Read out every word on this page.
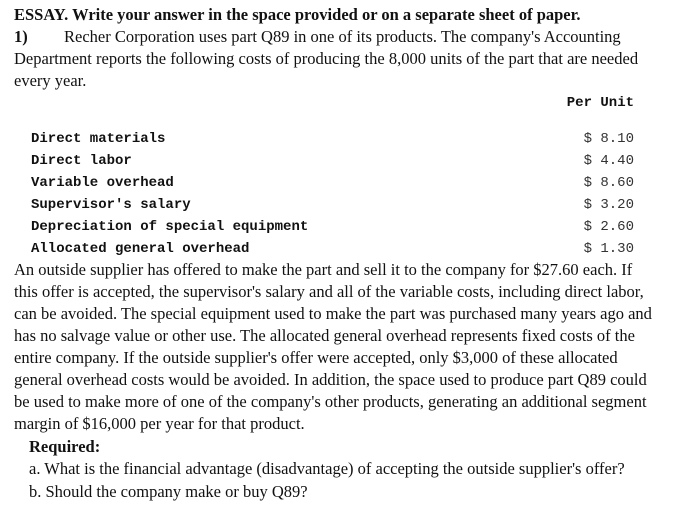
ESSAY. Write your answer in the space provided or on a separate sheet of paper.
1) Recher Corporation uses part Q89 in one of its products. The company's Accounting
Department reports the following costs of producing the 8,000 units of the part that are needed
every year.
Per Unit
Direct materials	$ 8.10
Direct labor	$ 4.40
Variable overhead	$ 8.60
Supervisor's salary	$ 3.20
Depreciation of special equipment	$ 2.60
Allocated general overhead	$ 1.30
An outside supplier has offered to make the part and sell it to the company for $27.60 each. If
this offer is accepted, the supervisor's salary and all of the variable costs, including direct labor,
can be avoided. The special equipment used to make the part was purchased many years ago and
has no salvage value or other use. The allocated general overhead represents fixed costs of the
entire company. If the outside supplier's offer were accepted, only $3,000 of these allocated
general overhead costs would be avoided. In addition, the space used to produce part Q89 could
be used to make more of one of the company's other products, generating an additional segment
margin of $16,000 per year for that product.
Required:
a. What is the financial advantage (disadvantage) of accepting the outside supplier's offer?
b. Should the company make or buy Q89?
